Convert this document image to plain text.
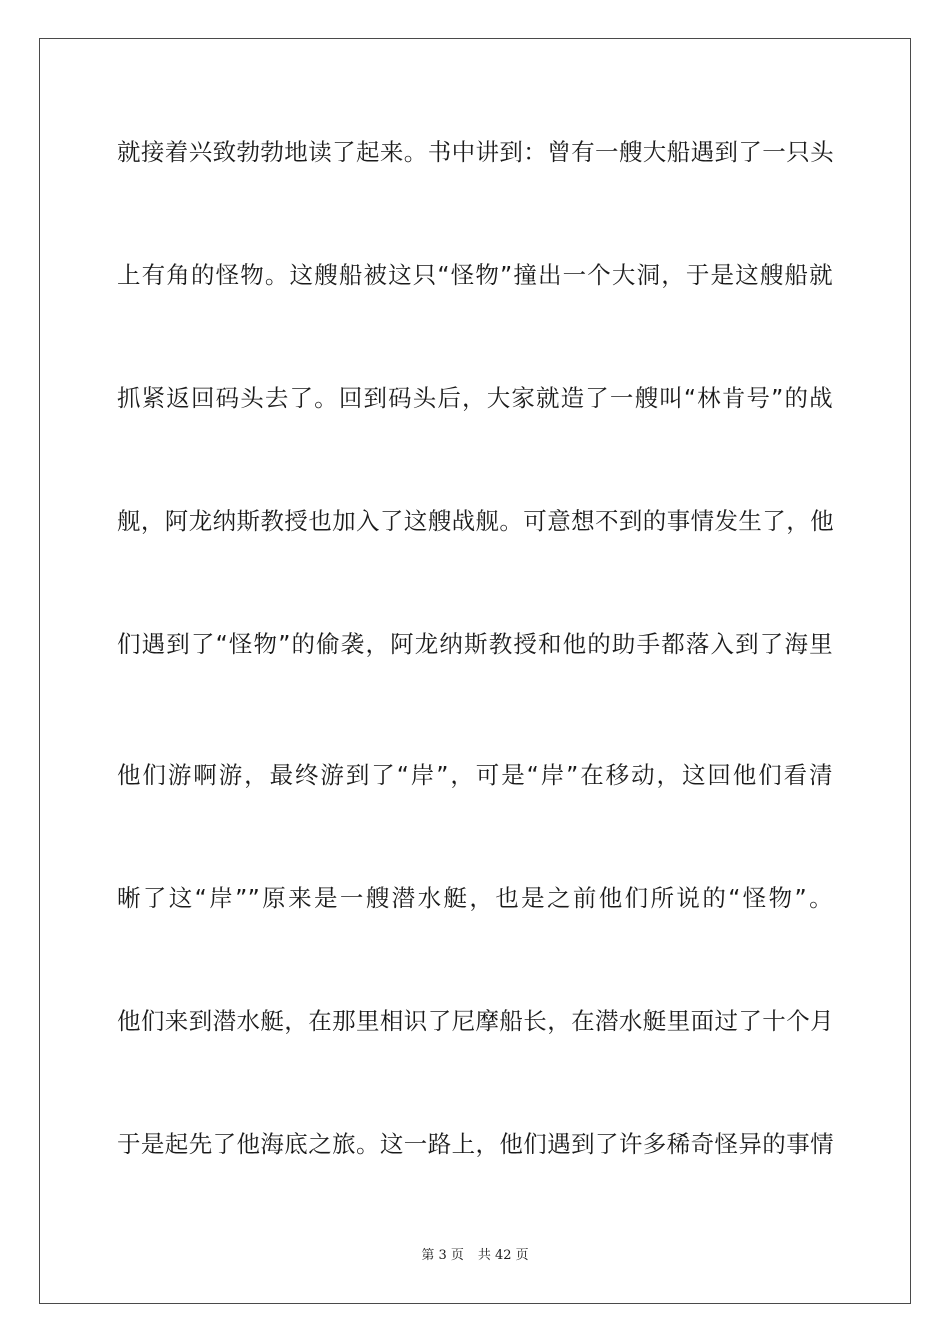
就接着兴致勃勃地读了起来。书中讲到：曾有一艘大船遇到了一只头
上有角的怪物。这艘船被这只“怪物”撞出一个大洞，于是这艘船就
抓紧返回码头去了。回到码头后，大家就造了一艘叫“林肯号”的战
舰，阿龙纳斯教授也加入了这艘战舰。可意想不到的事情发生了，他
们遇到了“怪物”的偷袭，阿龙纳斯教授和他的助手都落入到了海里
他们游啊游，最终游到了“岸”，可是“岸”在移动，这回他们看清
晰了这“岸””原来是一艘潜水艇，也是之前他们所说的“怪物”。
他们来到潜水艇，在那里相识了尼摩船长，在潜水艇里面过了十个月
于是起先了他海底之旅。这一路上，他们遇到了许多稀奇怪异的事情
第 3 页 共 42 页
